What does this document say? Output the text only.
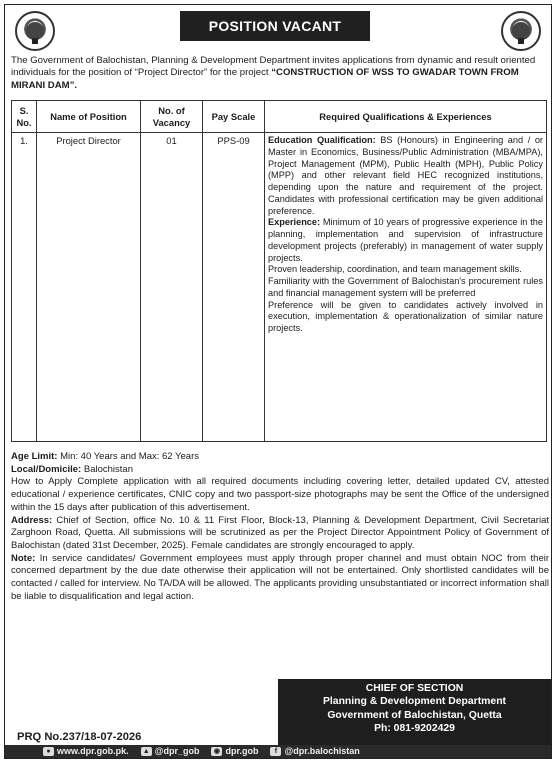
POSITION VACANT
The Government of Balochistan, Planning & Development Department invites applications from dynamic and result oriented individuals for the position of “Project Director” for the project “CONSTRUCTION OF WSS TO GWADAR TOWN FROM MIRANI DAM”.
S. No.	Name of Position	No. of Vacancy	Pay Scale	Required Qualifications & Experiences
1.	Project Director	01	PPS-09	Education Qualification: BS (Honours) in Engineering and / or Master in Economics, Business/Public Administration (MBA/MPA), Project Management (MPM), Public Health (MPH), Public Policy (MPP) and other relevant field HEC recognized institutions, depending upon the nature and requirement of the project. Candidates with professional certification may be given additional preference.

Experience: Minimum of 10 years of progressive experience in the planning, implementation and supervision of infrastructure development projects (preferably) in management of water supply projects.

Proven leadership, coordination, and team management skills.

Familiarity with the Government of Balochistan's procurement rules and financial management system will be preferred

Preference will be given to candidates actively involved in execution, implementation & operationalization of similar nature projects.

Age Limit: Min: 40 Years and Max: 62 Years
Local/Domicile: Balochistan
How to Apply Complete application with all required documents including covering letter, detailed updated CV, attested educational / experience certificates, CNIC copy and two passport-size photographs may be sent the Office of the undersigned within the 15 days after publication of this advertisement.
Address: Chief of Section, office No. 10 & 11 First Floor, Block-13, Planning & Development Department, Civil Secretariat Zarghoon Road, Quetta. All submissions will be scrutinized as per the Project Director Appointment Policy of Government of Balochistan (dated 31st December, 2025). Female candidates are strongly encouraged to apply.
Note: In service candidates/ Government employees must apply through proper channel and must obtain NOC from their concerned department by the due date otherwise their application will not be entertained. Only shortlisted candidates will be contacted / called for interview. No TA/DA will be allowed. The applicants providing unsubstantiated or incorrect information shall be liable to disqualification and legal action.
CHIEF OF SECTION
Planning & Development Department
Government of Balochistan, Quetta
Ph: 081-9202429
PRQ No.237/18-07-2026
● www.dpr.gob.pk. ▲ @dpr_gob	◉ dpr.gob	f @dpr.balochistan
